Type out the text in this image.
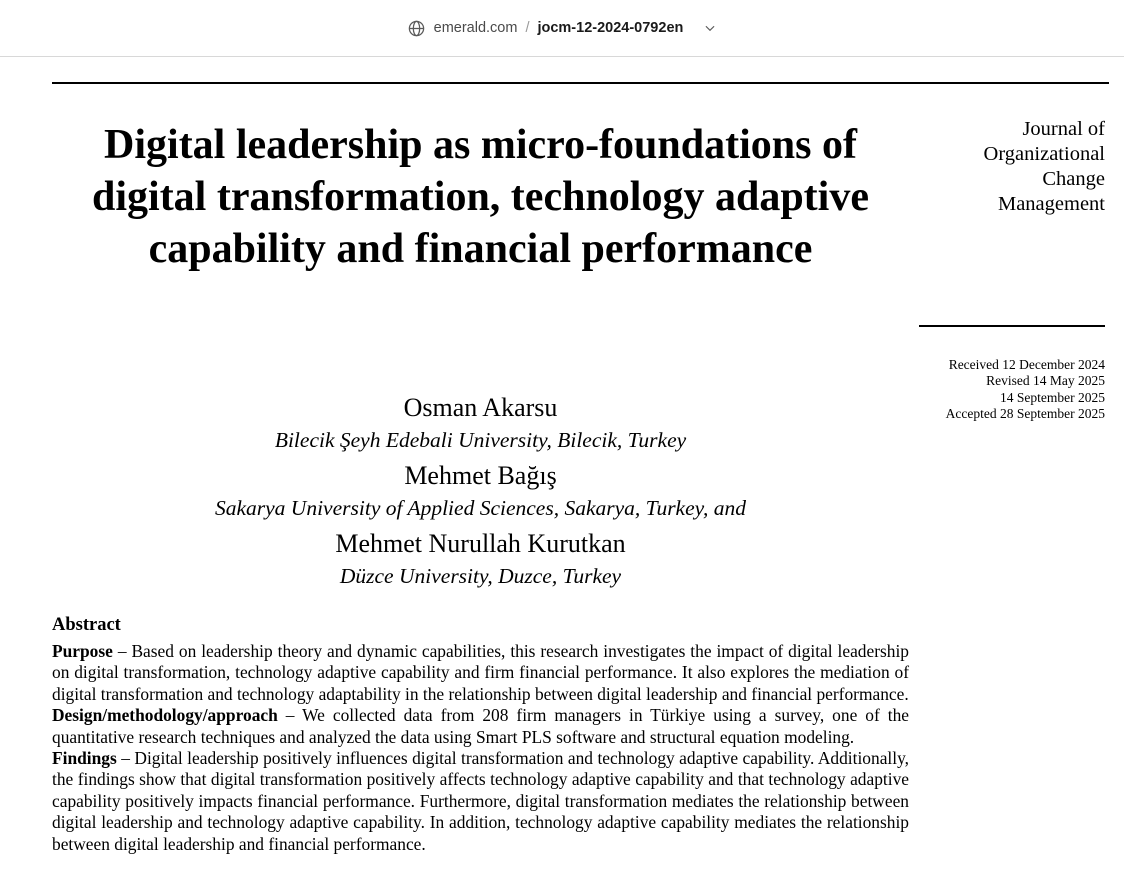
emerald.com / jocm-12-2024-0792en
Journal of
Organizational
Change
Management
Received 12 December 2024
Revised 14 May 2025
14 September 2025
Accepted 28 September 2025
Digital leadership as micro-foundations of digital transformation, technology adaptive capability and financial performance
Osman Akarsu
Bilecik Şeyh Edebali University, Bilecik, Turkey
Mehmet Bağış
Sakarya University of Applied Sciences, Sakarya, Turkey, and
Mehmet Nurullah Kurutkan
Düzce University, Duzce, Turkey
Abstract

Purpose – Based on leadership theory and dynamic capabilities, this research investigates the impact of digital leadership on digital transformation, technology adaptive capability and firm financial performance. It also explores the mediation of digital transformation and technology adaptability in the relationship between digital leadership and financial performance.

Design/methodology/approach – We collected data from 208 firm managers in Türkiye using a survey, one of the quantitative research techniques and analyzed the data using Smart PLS software and structural equation modeling.

Findings – Digital leadership positively influences digital transformation and technology adaptive capability. Additionally, the findings show that digital transformation positively affects technology adaptive capability and that technology adaptive capability positively impacts financial performance. Furthermore, digital transformation mediates the relationship between digital leadership and technology adaptive capability. In addition, technology adaptive capability mediates the relationship between digital leadership and financial performance.
